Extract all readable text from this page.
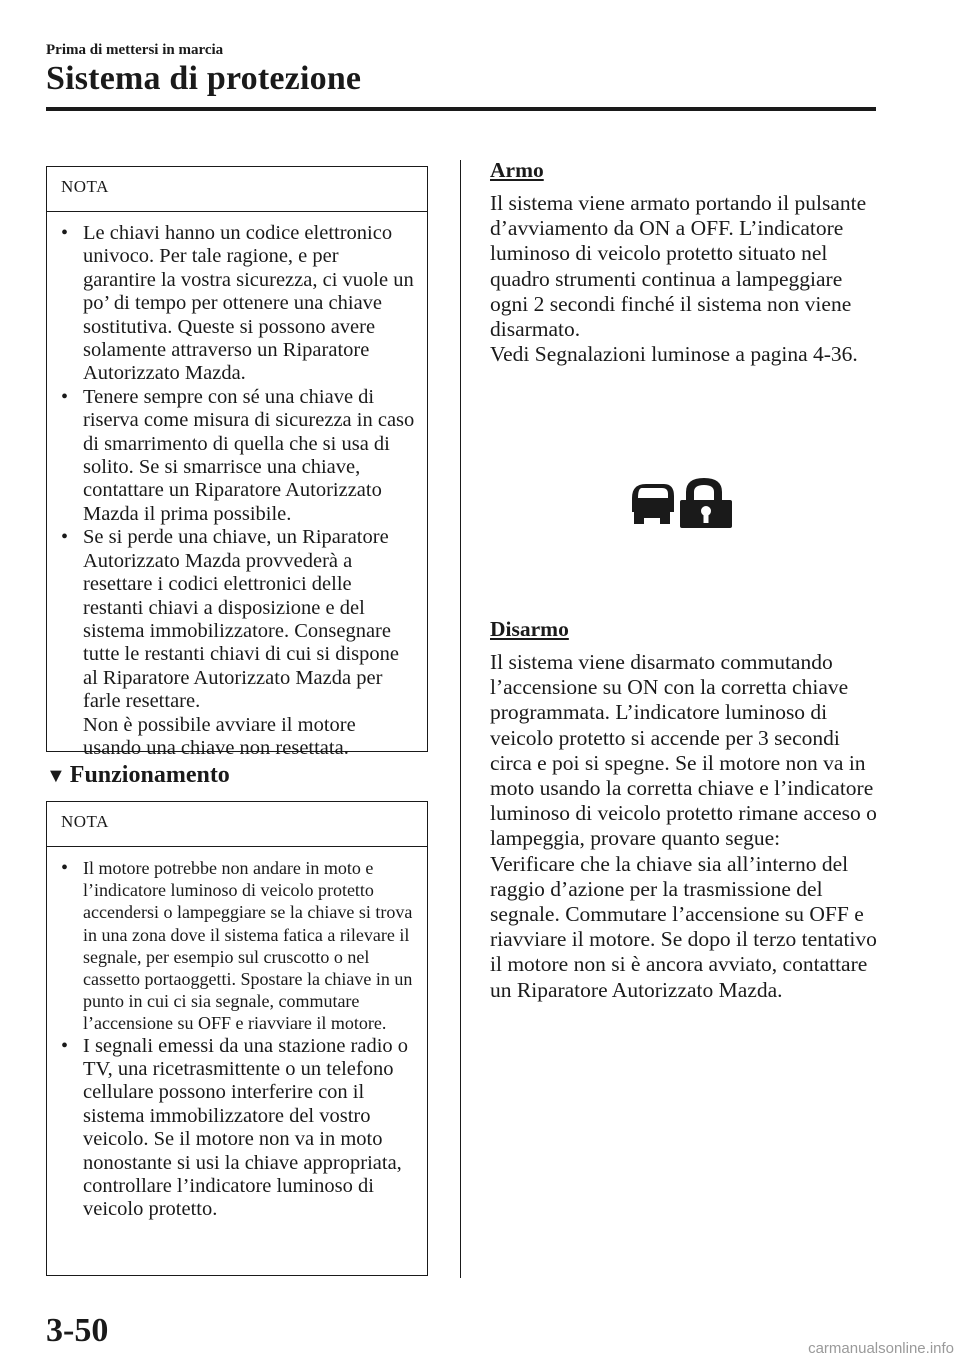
Prima di mettersi in marcia
Sistema di protezione
NOTA
• Le chiavi hanno un codice elettronico univoco. Per tale ragione, e per garantire la vostra sicurezza, ci vuole un po’ di tempo per ottenere una chiave sostitutiva. Queste si possono avere solamente attraverso un Riparatore Autorizzato Mazda.
• Tenere sempre con sé una chiave di riserva come misura di sicurezza in caso di smarrimento di quella che si usa di solito. Se si smarrisce una chiave, contattare un Riparatore Autorizzato Mazda il prima possibile.
• Se si perde una chiave, un Riparatore Autorizzato Mazda provvederà a resettare i codici elettronici delle restanti chiavi a disposizione e del sistema immobilizzatore. Consegnare tutte le restanti chiavi di cui si dispone al Riparatore Autorizzato Mazda per farle resettare.
Non è possibile avviare il motore usando una chiave non resettata.
▼ Funzionamento
NOTA
• Il motore potrebbe non andare in moto e l’indicatore luminoso di veicolo protetto accendersi o lampeggiare se la chiave si trova in una zona dove il sistema fatica a rilevare il segnale, per esempio sul cruscotto o nel cassetto portaoggetti. Spostare la chiave in un punto in cui ci sia segnale, commutare l’accensione su OFF e riavviare il motore.
• I segnali emessi da una stazione radio o TV, una ricetrasmittente o un telefono cellulare possono interferire con il sistema immobilizzatore del vostro veicolo. Se il motore non va in moto nonostante si usi la chiave appropriata, controllare l’indicatore luminoso di veicolo protetto.
Armo

Il sistema viene armato portando il pulsante d’avviamento da ON a OFF. L’indicatore luminoso di veicolo protetto situato nel quadro strumenti continua a lampeggiare ogni 2 secondi finché il sistema non viene disarmato.
Vedi Segnalazioni luminose a pagina 4-36.

Disarmo

Il sistema viene disarmato commutando l’accensione su ON con la corretta chiave programmata. L’indicatore luminoso di veicolo protetto si accende per 3 secondi circa e poi si spegne. Se il motore non va in moto usando la corretta chiave e l’indicatore luminoso di veicolo protetto rimane acceso o lampeggia, provare quanto segue:
Verificare che la chiave sia all’interno del raggio d’azione per la trasmissione del segnale. Commutare l’accensione su OFF e riavviare il motore. Se dopo il terzo tentativo il motore non si è ancora avviato, contattare un Riparatore Autorizzato Mazda.

3-50	carmanualsonline.info
